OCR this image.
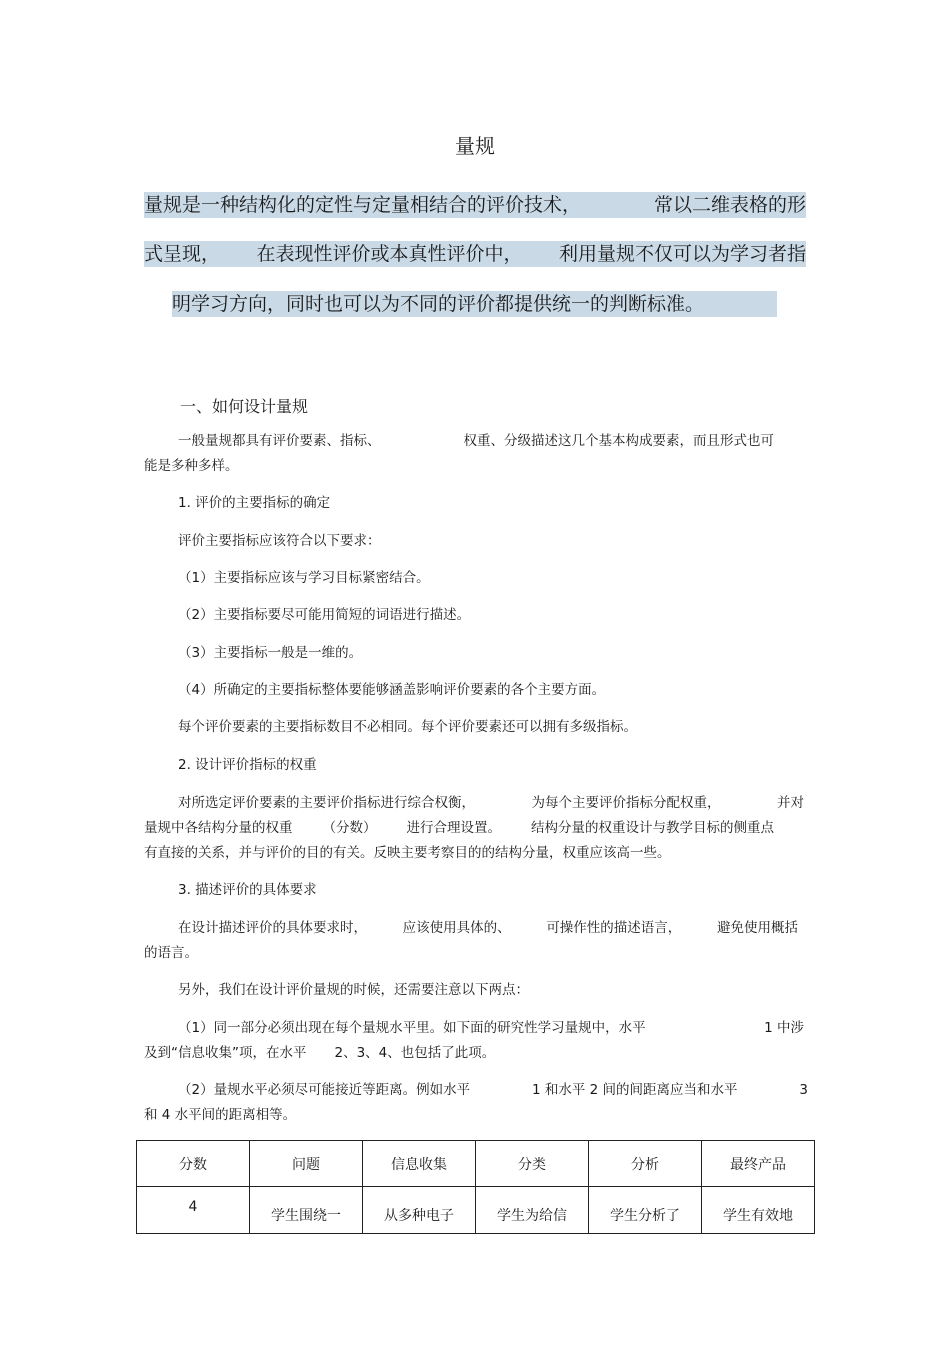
量规
量规是一种结构化的定性与定量相结合的评价技术，	常以二维表格的形
式呈现， 在表现性评价或本真性评价中， 利用量规不仅可以为学习者指
明学习方向，同时也可以为不同的评价都提供统一的判断标准。
一、如何设计量规
一般量规都具有评价要素、指标、	权重、分级描述这几个基本构成要素，而且形式也可
能是多种多样。
1. 评价的主要指标的确定
评价主要指标应该符合以下要求：
（1）主要指标应该与学习目标紧密结合。
（2）主要指标要尽可能用简短的词语进行描述。
（3）主要指标一般是一维的。
（4）所确定的主要指标整体要能够涵盖影响评价要素的各个主要方面。
每个评价要素的主要指标数目不必相同。每个评价要素还可以拥有多级指标。
2. 设计评价指标的权重
对所选定评价要素的主要评价指标进行综合权衡，	为每个主要评价指标分配权重，	并对
量规中各结构分量的权重 （分数） 进行合理设置。 结构分量的权重设计与教学目标的侧重点
有直接的关系，并与评价的目的有关。反映主要考察目的的结构分量，权重应该高一些。
3. 描述评价的具体要求
在设计描述评价的具体要求时，	应该使用具体的、	可操作性的描述语言，	避免使用概括
的语言。
另外，我们在设计评价量规的时候，还需要注意以下两点：
（1）同一部分必须出现在每个量规水平里。如下面的研究性学习量规中，水平	1 中涉
及到“信息收集”项，在水平 2、3、4、也包括了此项。
（2）量规水平必须尽可能接近等距离。例如水平	1 和水平 2 间的间距离应当和水平	3
和 4 水平间的距离相等。
分数	问题	信息收集	分类	分析	最终产品
4	学生围绕一	从多种电子	学生为给信	学生分析了	学生有效地
